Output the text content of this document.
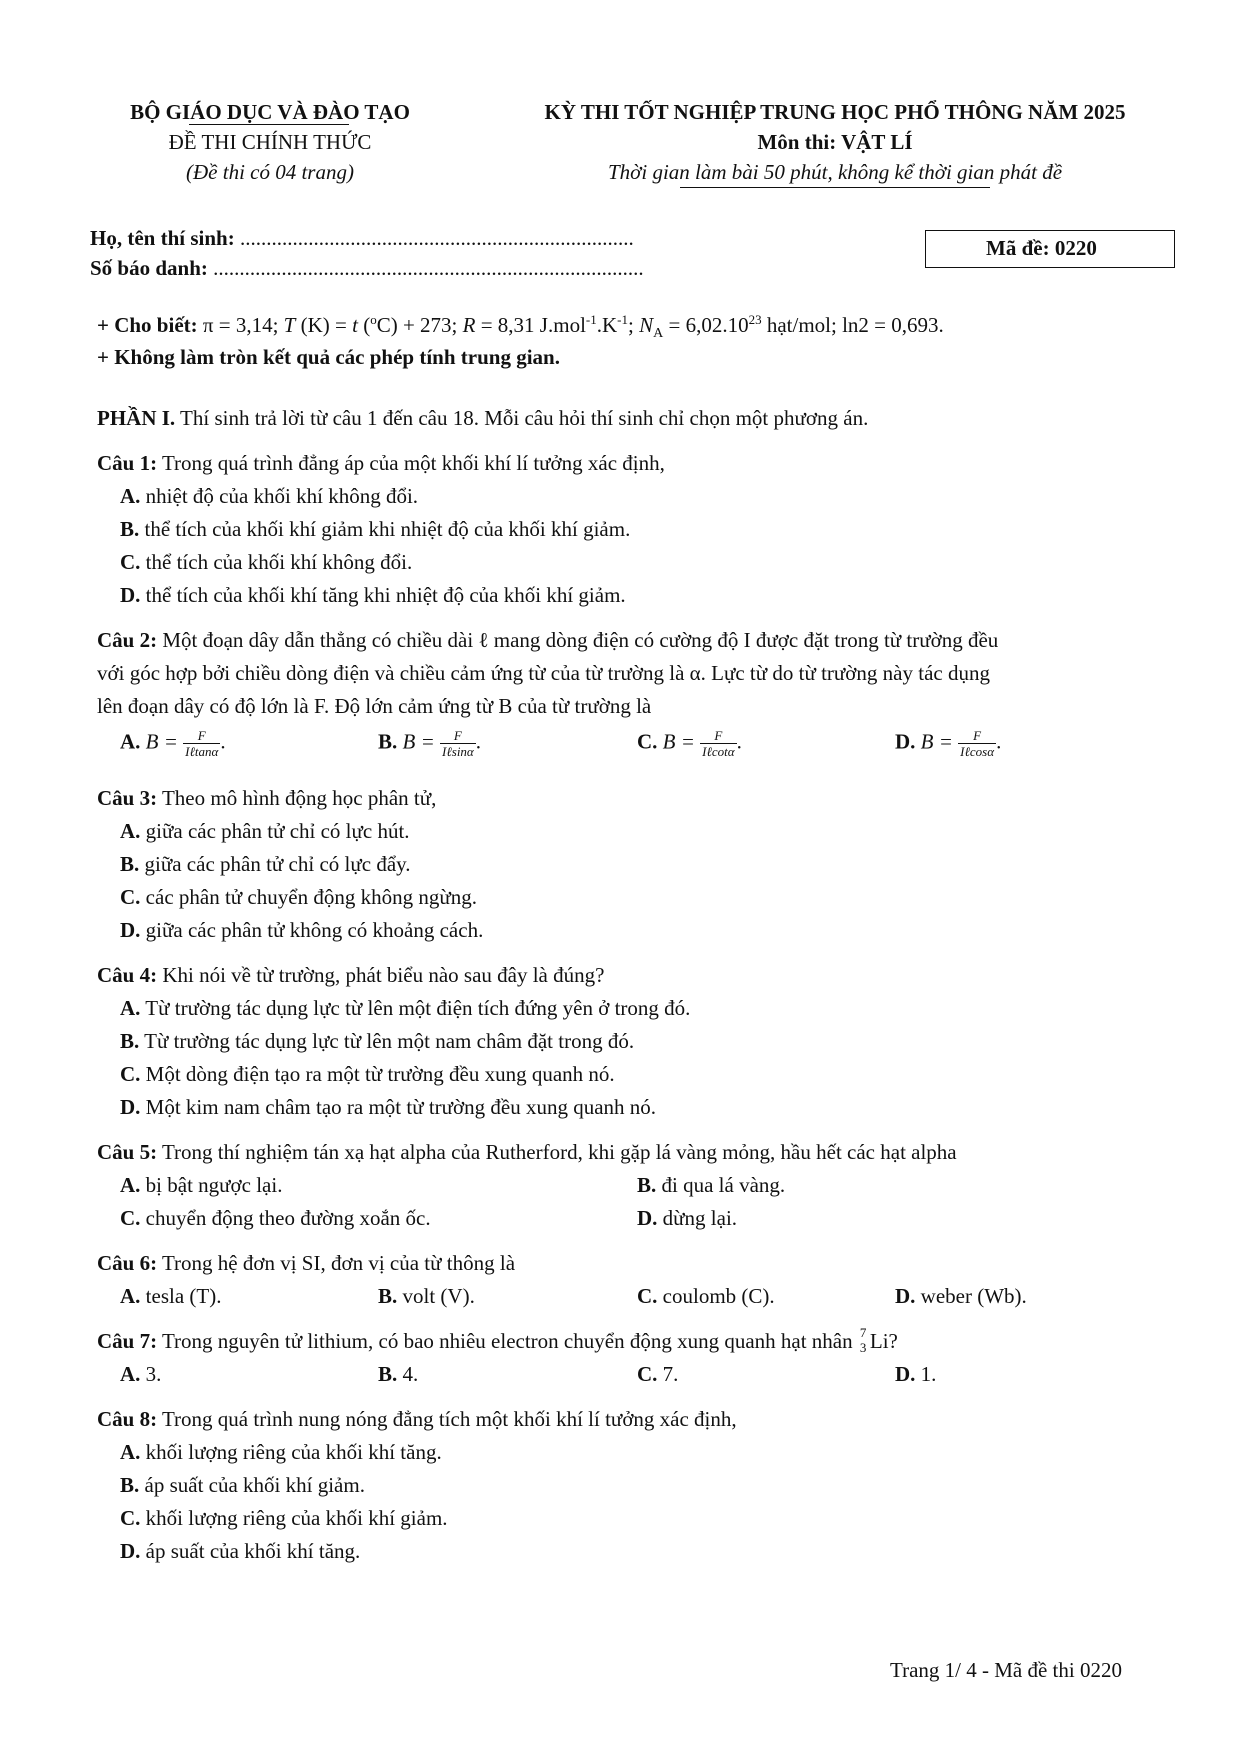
BỘ GIÁO DỤC VÀ ĐÀO TẠO
ĐỀ THI CHÍNH THỨC
(Đề thi có 04 trang)
KỲ THI TỐT NGHIỆP TRUNG HỌC PHỔ THÔNG NĂM 2025
Môn thi: VẬT LÍ
Thời gian làm bài 50 phút, không kể thời gian phát đề
Họ, tên thí sinh: ...........................................................................
Số báo danh: ..................................................................................
Mã đề: 0220
+ Cho biết: π = 3,14; T (K) = t ($^o$C) + 273; R = 8,31 $J.mol^{-1}.K^{-1}$; $N_A = 6,02.10^{23}$ hạt/mol; ln2 = 0,693.
+ Không làm tròn kết quả các phép tính trung gian.
PHẦN I. Thí sinh trả lời từ câu 1 đến câu 18. Mỗi câu hỏi thí sinh chỉ chọn một phương án.
Câu 1: Trong quá trình đẳng áp của một khối khí lí tưởng xác định,
A. nhiệt độ của khối khí không đổi.
B. thể tích của khối khí giảm khi nhiệt độ của khối khí giảm.
C. thể tích của khối khí không đổi.
D. thể tích của khối khí tăng khi nhiệt độ của khối khí giảm.
Câu 2: Một đoạn dây dẫn thẳng có chiều dài ℓ mang dòng điện có cường độ I được đặt trong từ trường đều
với góc hợp bởi chiều dòng điện và chiều cảm ứng từ của từ trường là α. Lực từ do từ trường này tác dụng
lên đoạn dây có độ lớn là F. Độ lớn cảm ứng từ B của từ trường là
A. $B = \frac{F}{\text{Iℓtanα}}$ .	B. $B = \frac{F}{\text{Iℓsinα}}$ .	C. $B = \frac{F}{\text{Iℓcotα}}$ .	D. $B = \frac{F}{\text{Iℓcosα}}$ .
Câu 3: Theo mô hình động học phân tử,
A. giữa các phân tử chỉ có lực hút.
B. giữa các phân tử chỉ có lực đẩy.
C. các phân tử chuyển động không ngừng.
D. giữa các phân tử không có khoảng cách.
Câu 4: Khi nói về từ trường, phát biểu nào sau đây là đúng?
A. Từ trường tác dụng lực từ lên một điện tích đứng yên ở trong đó.
B. Từ trường tác dụng lực từ lên một nam châm đặt trong đó.
C. Một dòng điện tạo ra một từ trường đều xung quanh nó.
D. Một kim nam châm tạo ra một từ trường đều xung quanh nó.
Câu 5: Trong thí nghiệm tán xạ hạt alpha của Rutherford, khi gặp lá vàng mỏng, hầu hết các hạt alpha
A. bị bật ngược lại.	B. đi qua lá vàng.
C. chuyển động theo đường xoắn ốc.	D. dừng lại.
Câu 6: Trong hệ đơn vị SI, đơn vị của từ thông là
A. tesla (T).	B. volt (V).	C. coulomb (C).	D. weber (Wb).
Câu 7: Trong nguyên tử lithium, có bao nhiêu electron chuyển động xung quanh hạt nhân 7
3 Li?
A. 3.	B. 4.	C. 7.	D. 1.
Câu 8: Trong quá trình nung nóng đẳng tích một khối khí lí tưởng xác định,
A. khối lượng riêng của khối khí tăng.
B. áp suất của khối khí giảm.
C. khối lượng riêng của khối khí giảm.
D. áp suất của khối khí tăng.
Trang 1/ 4 - Mã đề thi 0220
